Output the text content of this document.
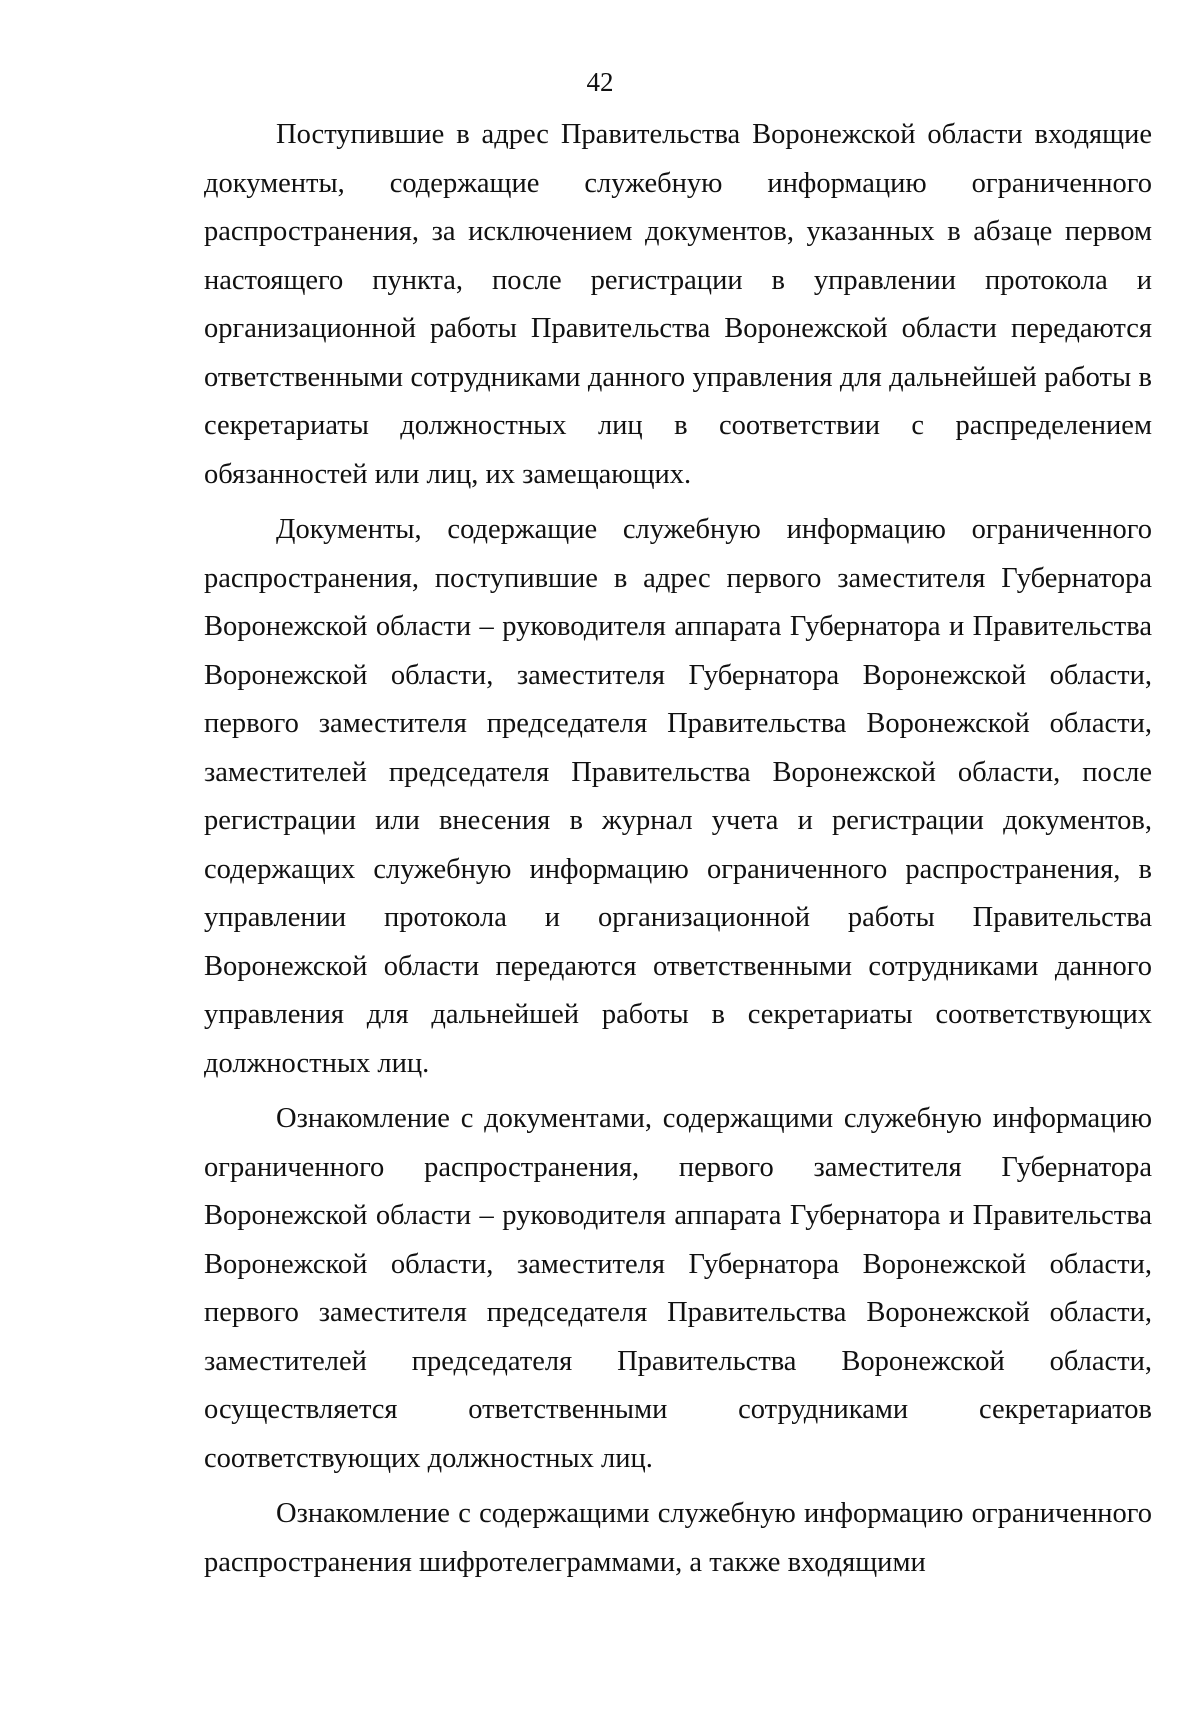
42

Поступившие в адрес Правительства Воронежской области входящие документы, содержащие служебную информацию ограниченного распространения, за исключением документов, указанных в абзаце первом настоящего пункта, после регистрации в управлении протокола и организационной работы Правительства Воронежской области передаются ответственными сотрудниками данного управления для дальнейшей работы в секретариаты должностных лиц в соответствии с распределением обязанностей или лиц, их замещающих.

Документы, содержащие служебную информацию ограниченного распространения, поступившие в адрес первого заместителя Губернатора Воронежской области – руководителя аппарата Губернатора и Правительства Воронежской области, заместителя Губернатора Воронежской области, первого заместителя председателя Правительства Воронежской области, заместителей председателя Правительства Воронежской области, после регистрации или внесения в журнал учета и регистрации документов, содержащих служебную информацию ограниченного распространения, в управлении протокола и организационной работы Правительства Воронежской области передаются ответственными сотрудниками данного управления для дальнейшей работы в секретариаты соответствующих должностных лиц.

Ознакомление с документами, содержащими служебную информацию ограниченного распространения, первого заместителя Губернатора Воронежской области – руководителя аппарата Губернатора и Правительства Воронежской области, заместителя Губернатора Воронежской области, первого заместителя председателя Правительства Воронежской области, заместителей председателя Правительства Воронежской области, осуществляется ответственными сотрудниками секретариатов соответствующих должностных лиц.

Ознакомление с содержащими служебную информацию ограниченного распространения шифротелеграммами, а также входящими
